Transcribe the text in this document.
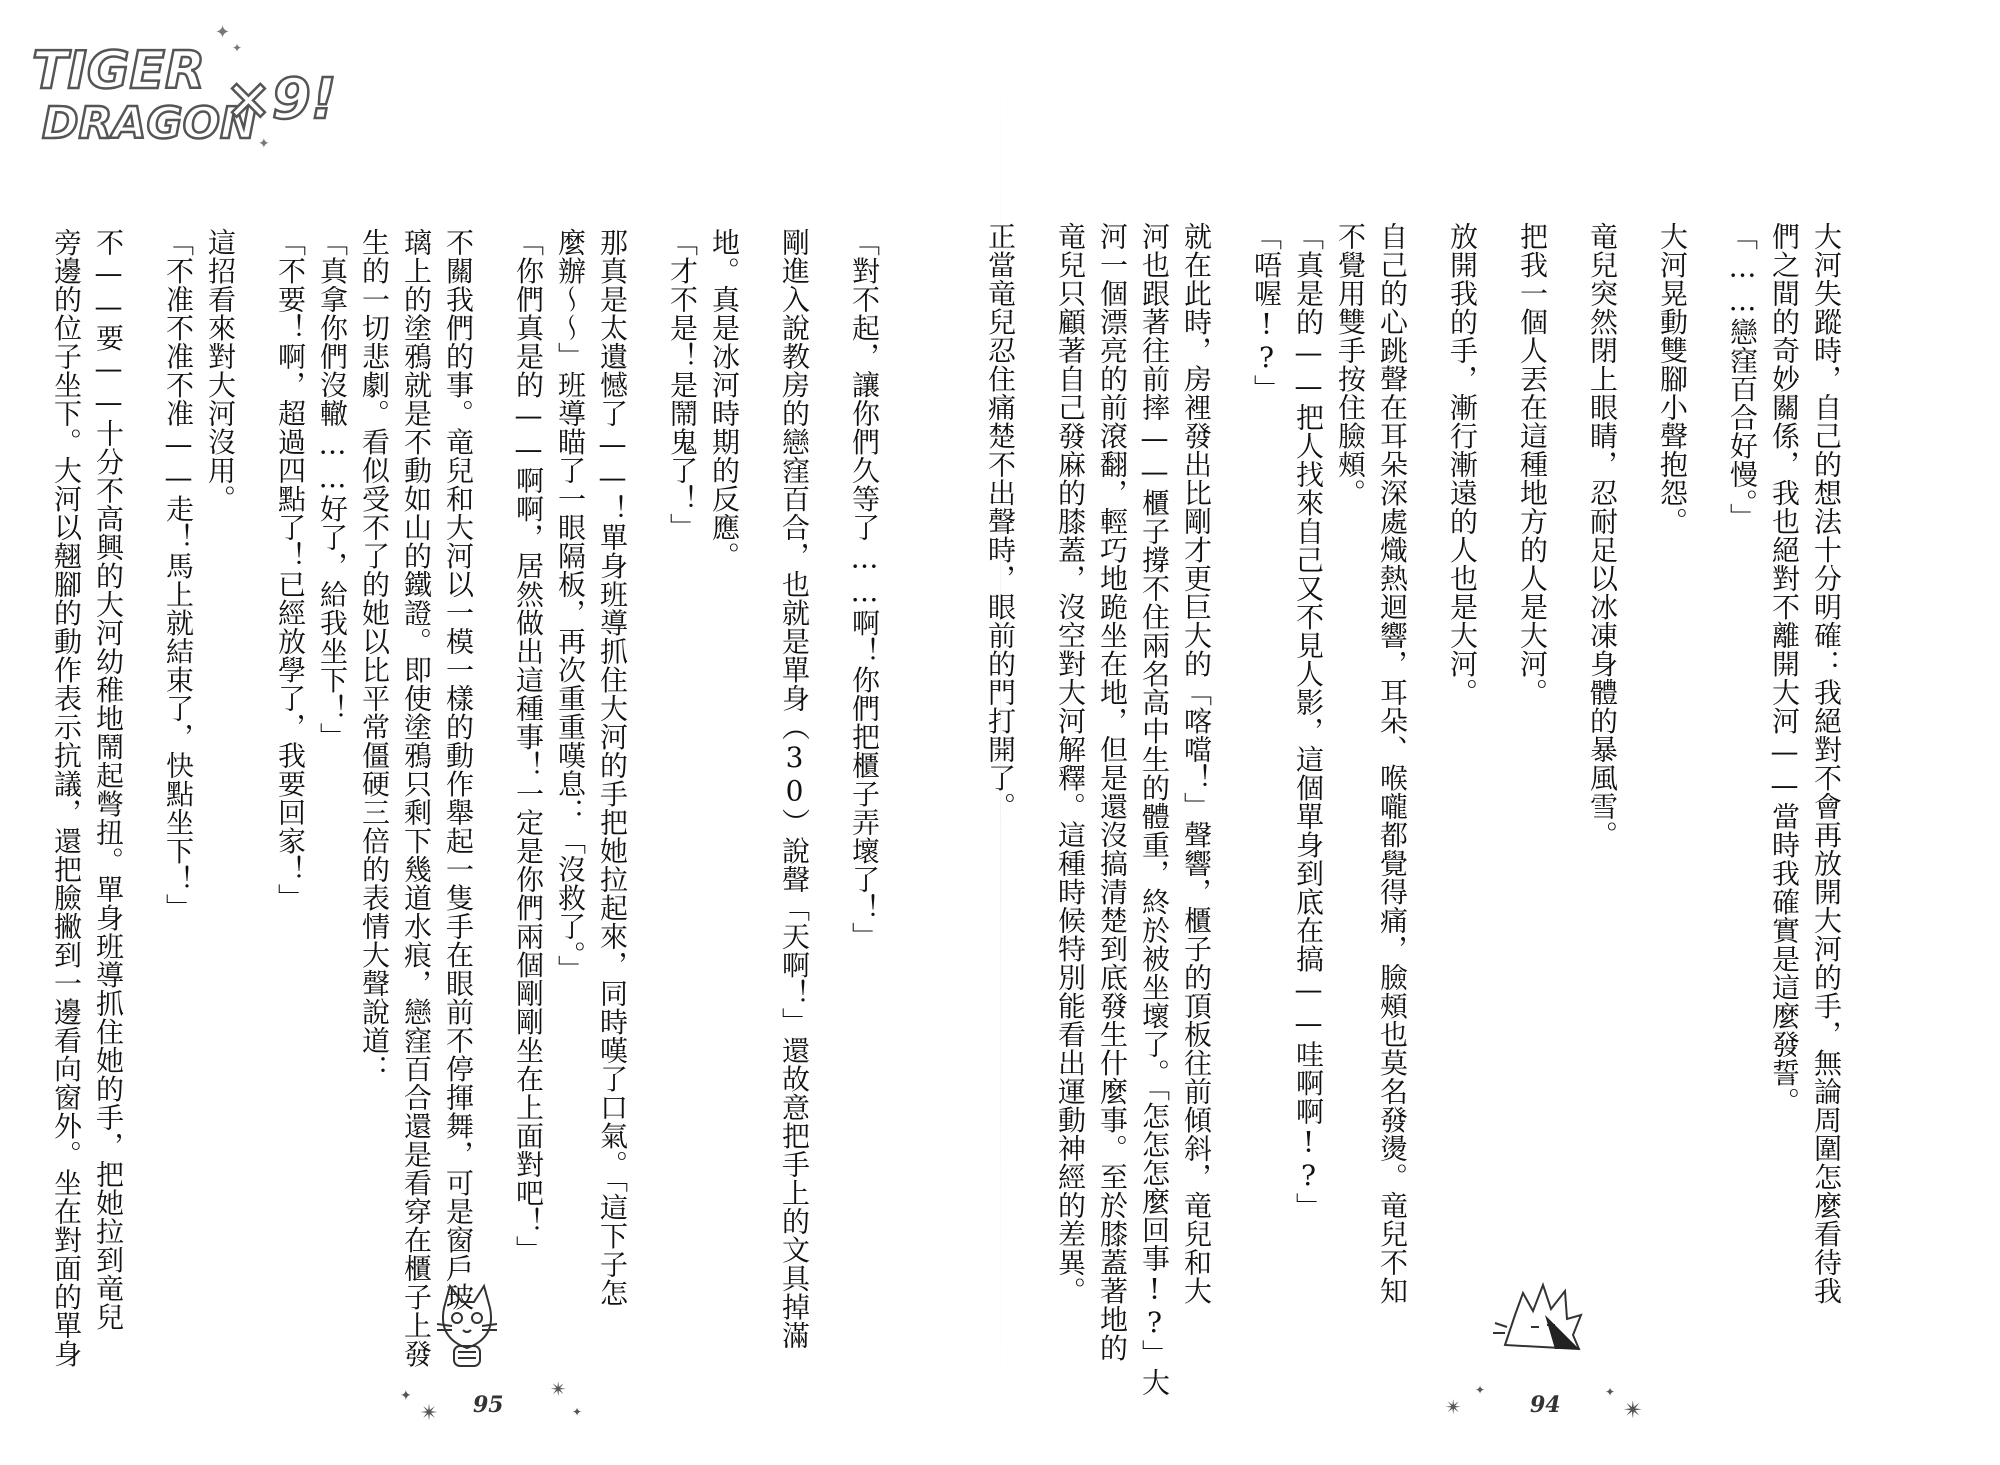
TIGER
DRAGON
×9!
✦
✦
✦
「對不起，讓你們久等了……啊！你們把櫃子弄壞了！」
剛進入說教房的戀窪百合，也就是單身（30）說聲「天啊！」還故意把手上的文具掉滿
地。真是冰河時期的反應。
「才不是！是鬧鬼了！」
那真是太遺憾了——！單身班導抓住大河的手把她拉起來，同時嘆了口氣。「這下子怎
麼辦～～」班導瞄了一眼隔板，再次重重嘆息：「沒救了。」
「你們真是的——啊啊，居然做出這種事！一定是你們兩個剛剛坐在上面對吧！」
不關我們的事。竜兒和大河以一模一樣的動作舉起一隻手在眼前不停揮舞，可是窗戶玻
璃上的塗鴉就是不動如山的鐵證。即使塗鴉只剩下幾道水痕，戀窪百合還是看穿在櫃子上發
生的一切悲劇。看似受不了的她以比平常僵硬三倍的表情大聲說道：
「真拿你們沒轍……好了，給我坐下！」
「不要！啊，超過四點了！已經放學了，我要回家！」
這招看來對大河沒用。
「不准不准不准——走！馬上就結束了，快點坐下！」
不——要——十分不高興的大河幼稚地鬧起彆扭。單身班導抓住她的手，把她拉到竜兒
旁邊的位子坐下。大河以翹腳的動作表示抗議，還把臉撇到一邊看向窗外。坐在對面的單身
✦
✴
✴
✦
95
大河失蹤時，自己的想法十分明確：我絕對不會再放開大河的手，無論周圍怎麼看待我
們之間的奇妙關係，我也絕對不離開大河——當時我確實是這麼發誓。
「……戀窪百合好慢。」
大河晃動雙腳小聲抱怨。
竜兒突然閉上眼睛，忍耐足以冰凍身體的暴風雪。
把我一個人丟在這種地方的人是大河。
放開我的手，漸行漸遠的人也是大河。
自己的心跳聲在耳朵深處熾熱迴響，耳朵、喉嚨都覺得痛，臉頰也莫名發燙。竜兒不知
不覺用雙手按住臉頰。
「真是的——把人找來自己又不見人影，這個單身到底在搞——哇啊啊!?」
「唔喔!?」
就在此時，房裡發出比剛才更巨大的「喀噹！」聲響，櫃子的頂板往前傾斜，竜兒和大
河也跟著往前摔——櫃子撐不住兩名高中生的體重，終於被坐壞了。「怎怎怎麼回事!?」大
河一個漂亮的前滾翻，輕巧地跪坐在地，但是還沒搞清楚到底發生什麼事。至於膝蓋著地的
竜兒只顧著自己發麻的膝蓋，沒空對大河解釋。這種時候特別能看出運動神經的差異。
正當竜兒忍住痛楚不出聲時，眼前的門打開了。
✴
✦	✦
✴
94
